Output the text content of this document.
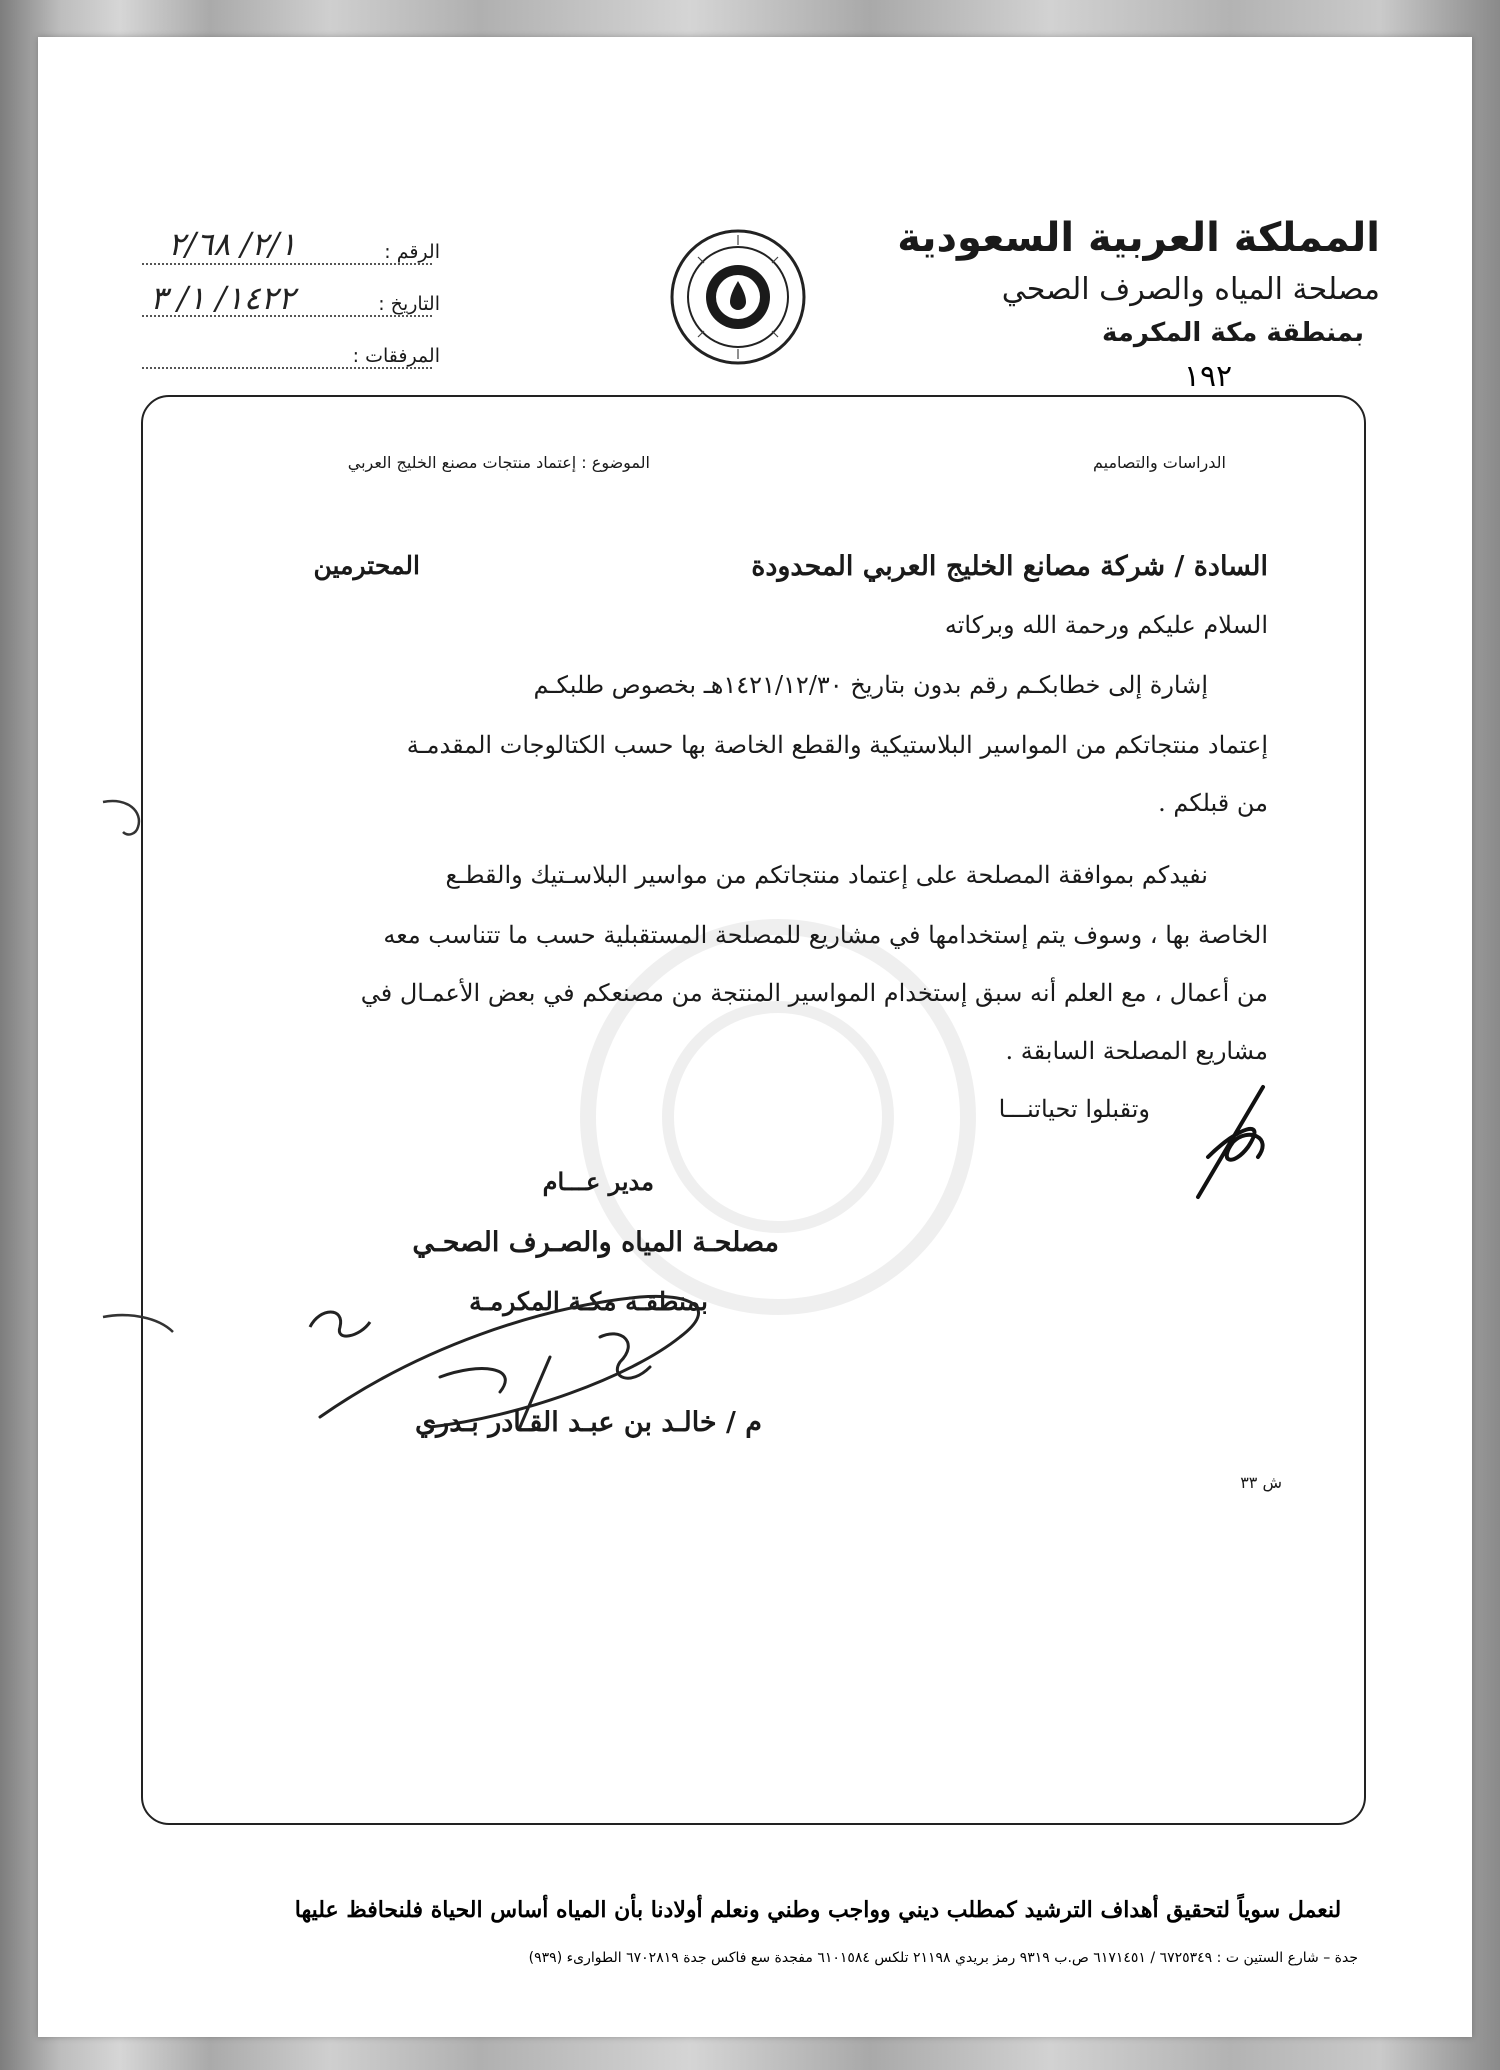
المملكة العربية السعودية
مصلحة المياه والصرف الصحي
بمنطقة مكة المكرمة
١٩٢
الرقم :
٢/١/ ٢/٦٨
التاريخ :
١٤٢٢/ ١/ ٣
المرفقات :
الدراسات والتصاميم
الموضوع : إعتماد منتجات مصنع الخليج العربي
السادة / شركة مصانع الخليج العربي المحدودة
المحترمين
السلام عليكم ورحمة الله وبركاته
إشارة إلى خطابكـم رقم بدون بتاريخ ١٤٢١/١٢/٣٠هـ بخصوص طلبكـم
إعتماد منتجاتكم من المواسير البلاستيكية والقطع الخاصة بها حسب الكتالوجات المقدمـة
من قبلكم .
نفيدكم بموافقة المصلحة على إعتماد منتجاتكم من مواسير البلاسـتيك والقطـع
الخاصة بها ، وسوف يتم إستخدامها في مشاريع للمصلحة المستقبلية حسب ما تتناسب معه
من أعمال ، مع العلم أنه سبق إستخدام المواسير المنتجة من مصنعكم في بعض الأعمـال في
مشاريع المصلحة السابقة .
وتقبلوا تحياتنـــا
مدير عـــام
مصلحـة المياه والصـرف الصحـي
بمنطقـة مكـة المكرمـة
م / خالـد بن عبـد القـادر بـدري
ش ٣٣
لنعمل سوياً لتحقيق أهداف الترشيد كمطلب ديني وواجب وطني ونعلم أولادنا بأن المياه أساس الحياة فلنحافظ عليها
جدة – شارع الستين ت : ٦٧٢٥٣٤٩ / ٦١٧١٤٥١ ص.ب ٩٣١٩ رمز بريدي ٢١١٩٨ تلكس ٦١٠١٥٨٤ مفجدة سع فاكس جدة ٦٧٠٢٨١٩ الطوارىء (٩٣٩)
